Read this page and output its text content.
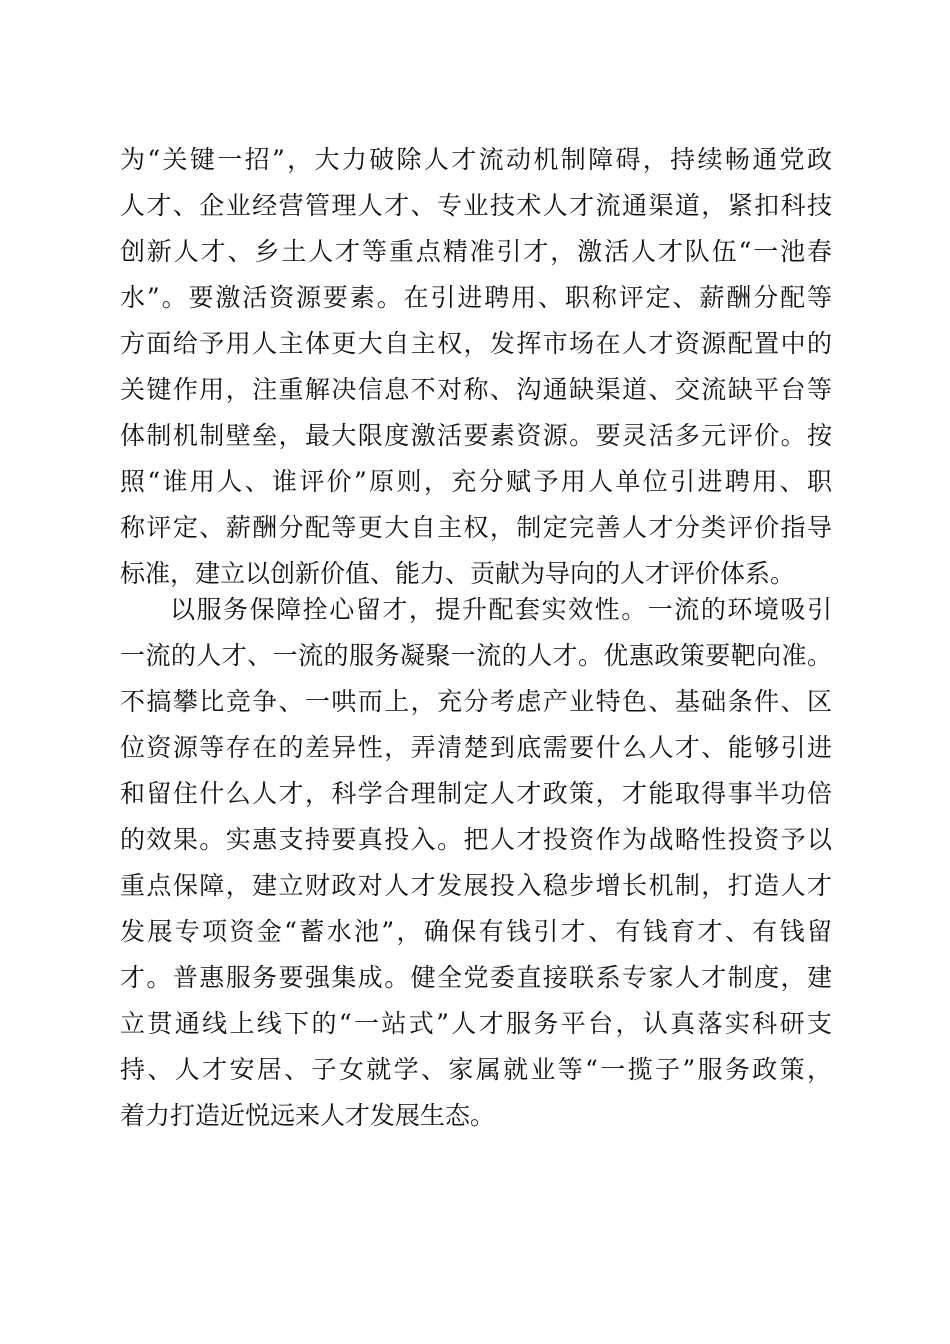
为“关键一招”，大力破除人才流动机制障碍，持续畅通党政
人才、企业经营管理人才、专业技术人才流通渠道，紧扣科技
创新人才、乡土人才等重点精准引才，激活人才队伍“一池春
水”。要激活资源要素。在引进聘用、职称评定、薪酬分配等
方面给予用人主体更大自主权，发挥市场在人才资源配置中的
关键作用，注重解决信息不对称、沟通缺渠道、交流缺平台等
体制机制壁垒，最大限度激活要素资源。要灵活多元评价。按
照“谁用人、谁评价”原则，充分赋予用人单位引进聘用、职
称评定、薪酬分配等更大自主权，制定完善人才分类评价指导
标准，建立以创新价值、能力、贡献为导向的人才评价体系。
以服务保障拴心留才，提升配套实效性。一流的环境吸引
一流的人才、一流的服务凝聚一流的人才。优惠政策要靶向准。
不搞攀比竞争、一哄而上，充分考虑产业特色、基础条件、区
位资源等存在的差异性，弄清楚到底需要什么人才、能够引进
和留住什么人才，科学合理制定人才政策，才能取得事半功倍
的效果。实惠支持要真投入。把人才投资作为战略性投资予以
重点保障，建立财政对人才发展投入稳步增长机制，打造人才
发展专项资金“蓄水池”，确保有钱引才、有钱育才、有钱留
才。普惠服务要强集成。健全党委直接联系专家人才制度，建
立贯通线上线下的“一站式”人才服务平台，认真落实科研支
持、人才安居、子女就学、家属就业等“一揽子”服务政策，
着力打造近悦远来人才发展生态。
